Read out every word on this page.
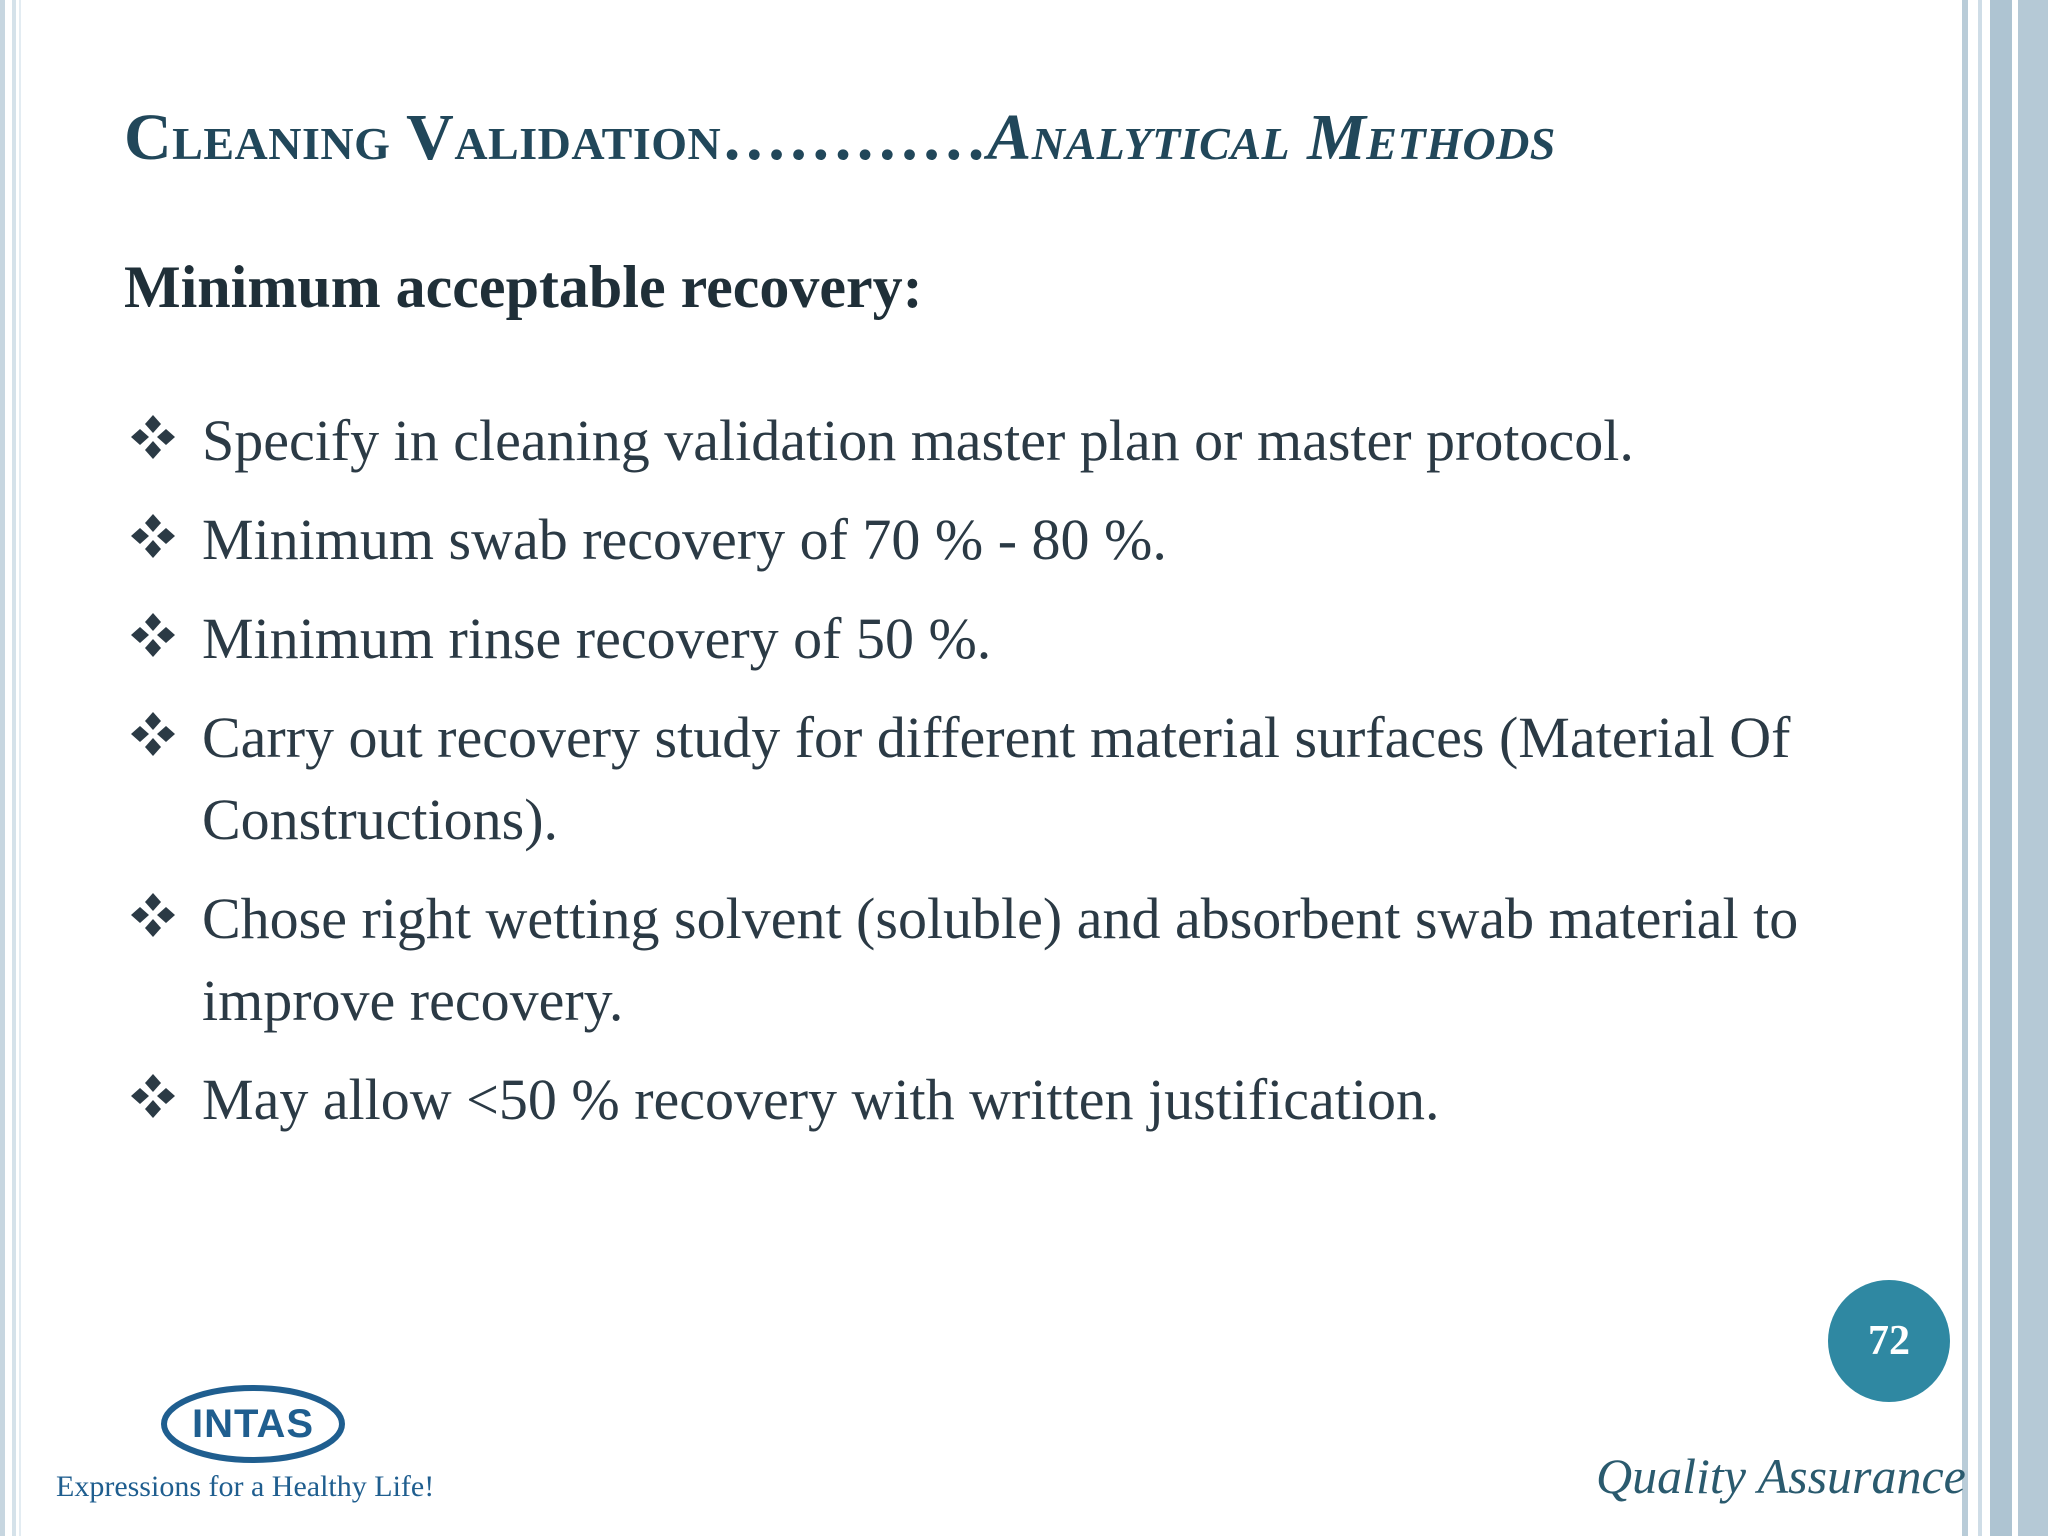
Cleaning Validation…………Analytical Methods
Minimum acceptable recovery:
Specify in cleaning validation master plan or master protocol.
Minimum swab recovery of 70 % - 80 %.
Minimum rinse recovery of 50 %.
Carry out recovery study for different material surfaces (Material Of Constructions).
Chose right wetting solvent (soluble) and absorbent swab material to improve recovery.
May allow <50 % recovery with written justification.
72
INTAS
Expressions for a Healthy Life!	Quality Assurance
